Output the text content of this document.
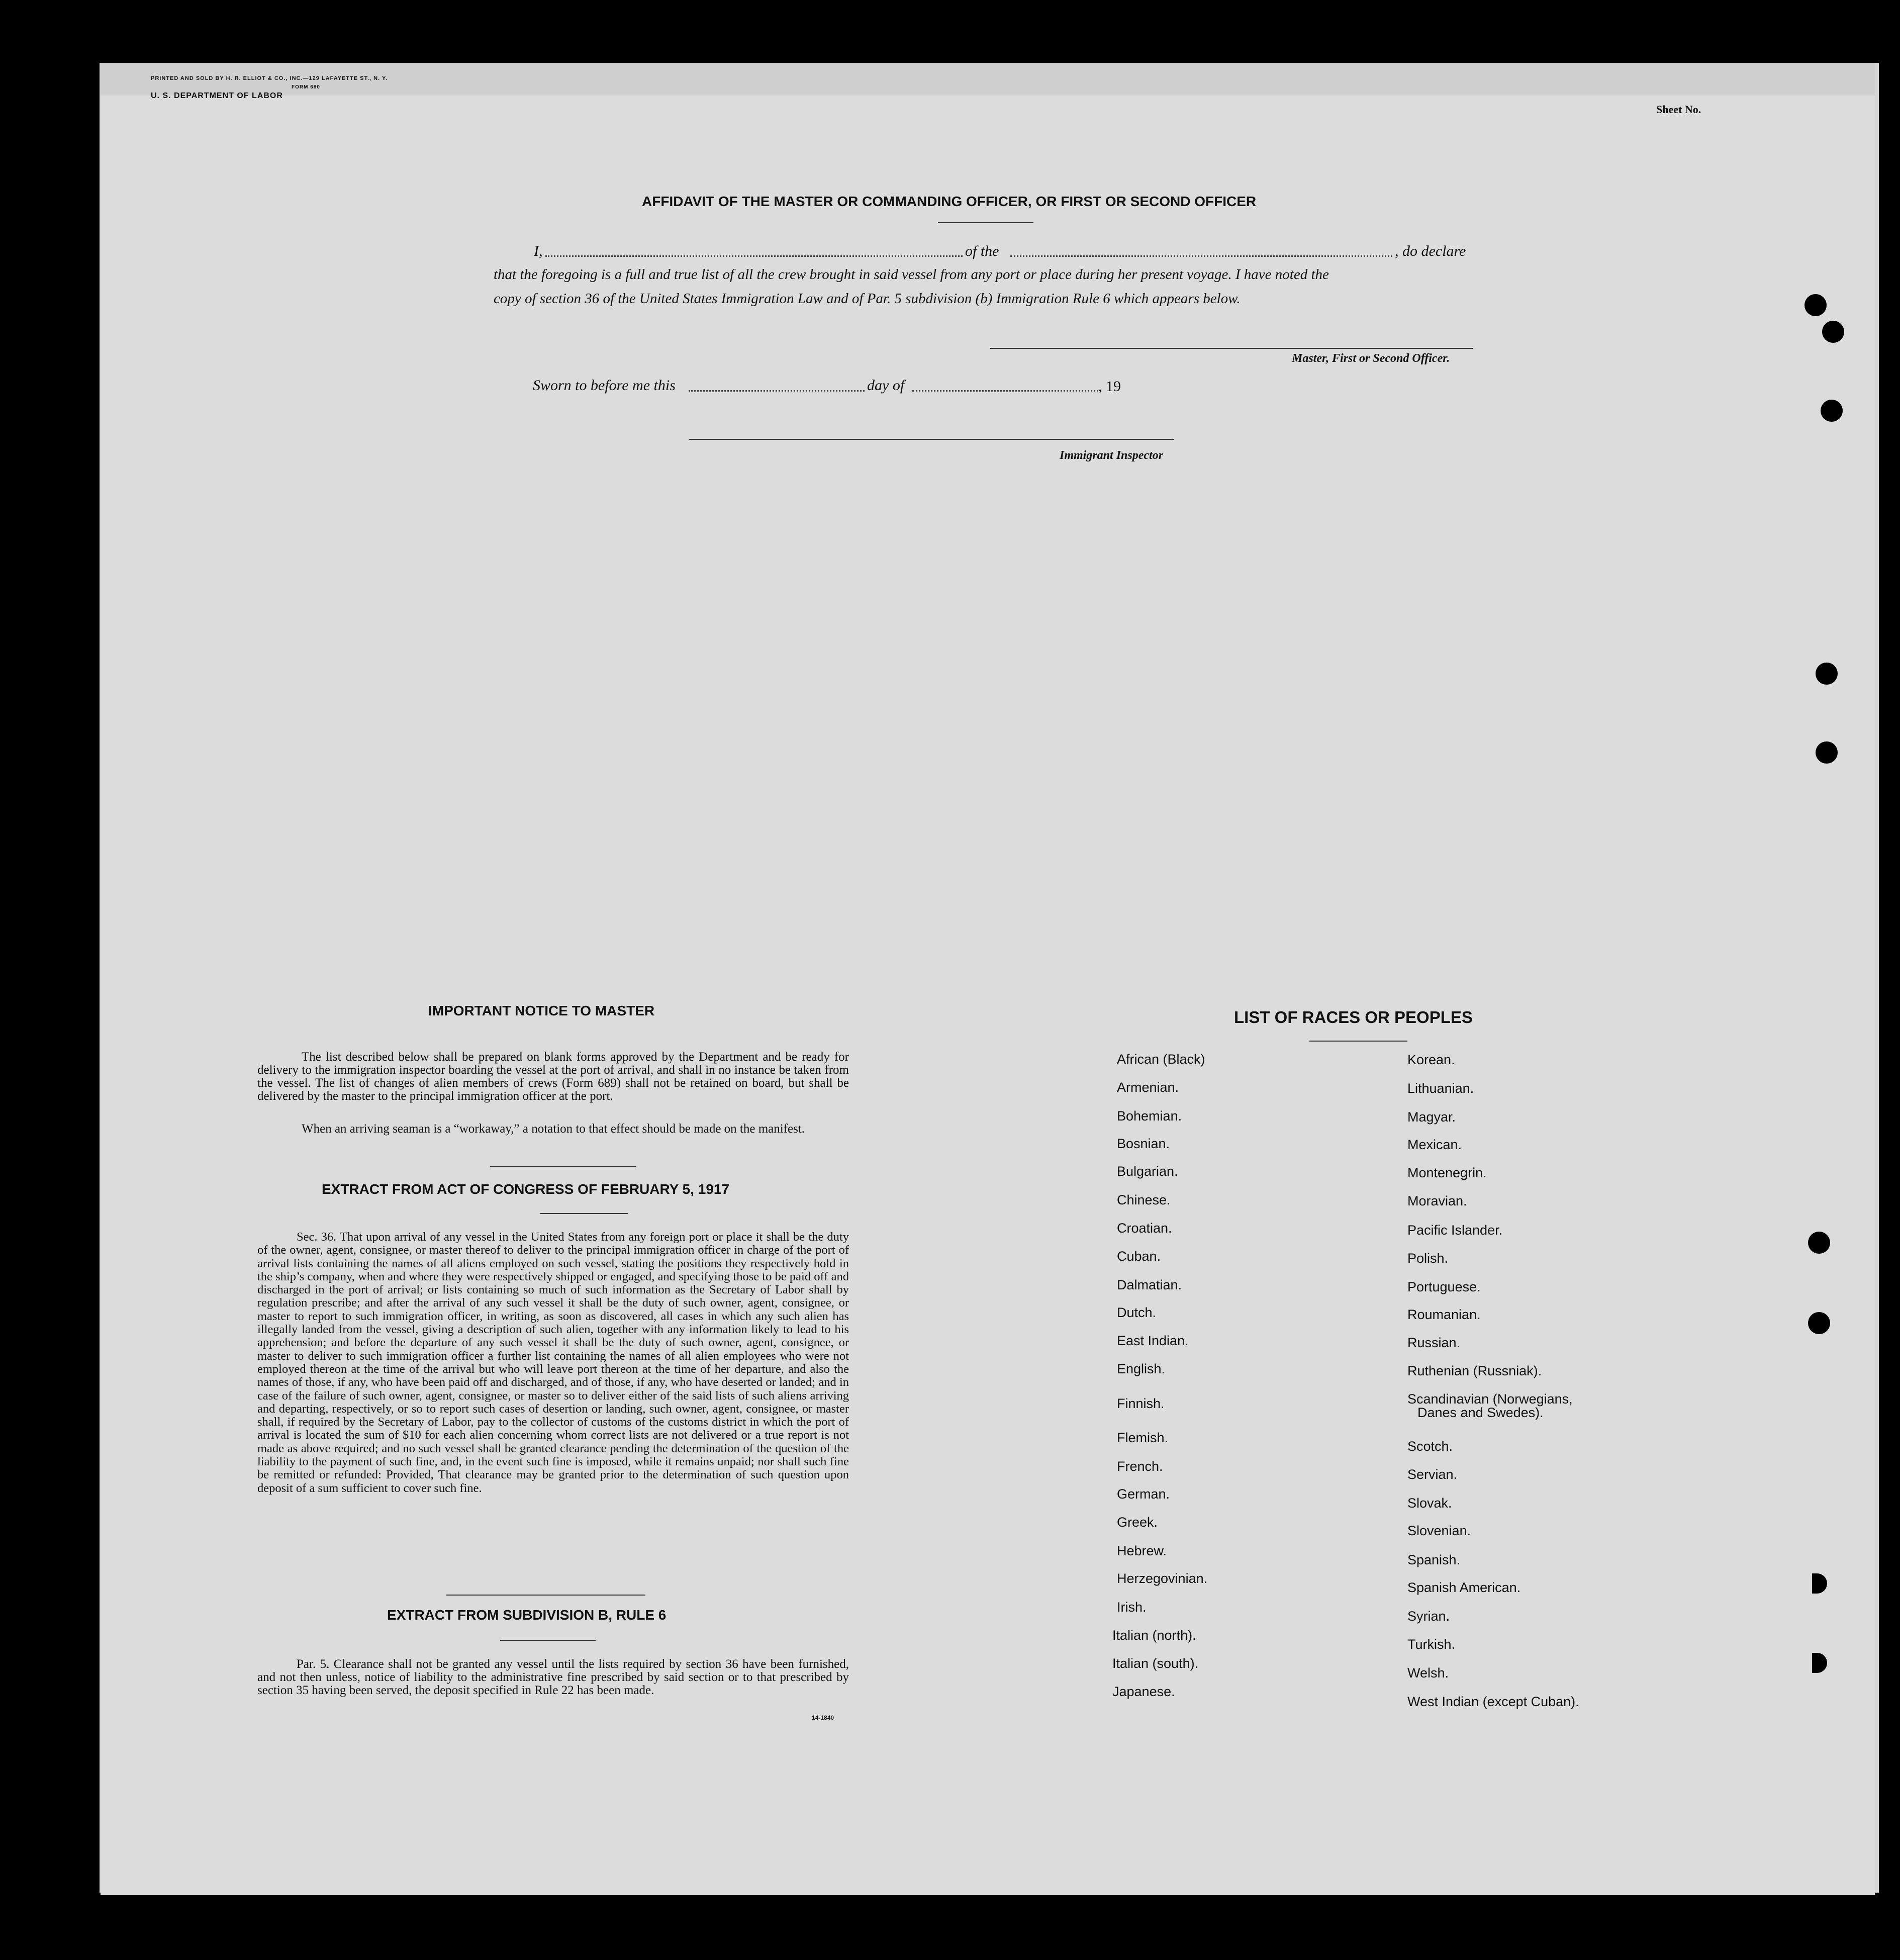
PRINTED AND SOLD BY H. R. ELLIOT & CO., INC.—129 LAFAYETTE ST., N. Y.
FORM 680
U. S. DEPARTMENT OF LABOR
Sheet No.
AFFIDAVIT OF THE MASTER OR COMMANDING OFFICER, OR FIRST OR SECOND OFFICER
I,	of the	, do declare
that the foregoing is a full and true list of all the crew brought in said vessel from any port or place during her present voyage. I have noted the
copy of section 36 of the United States Immigration Law and of Par. 5 subdivision (b) Immigration Rule 6 which appears below.
Master, First or Second Officer.
Sworn to before me this	day of	, 19
Immigrant Inspector
IMPORTANT NOTICE TO MASTER
The list described below shall be prepared on blank forms approved by the Department and be ready for delivery to the immigration inspector boarding the vessel at the port of arrival, and shall in no instance be taken from the vessel. The list of changes of alien members of crews (Form 689) shall not be retained on board, but shall be delivered by the master to the principal immigration officer at the port.
When an arriving seaman is a “workaway,” a notation to that effect should be made on the manifest.
EXTRACT FROM ACT OF CONGRESS OF FEBRUARY 5, 1917
Sec. 36. That upon arrival of any vessel in the United States from any foreign port or place it shall be the duty of the owner, agent, consignee, or master thereof to deliver to the principal immigration officer in charge of the port of arrival lists containing the names of all aliens employed on such vessel, stating the positions they respectively hold in the ship’s company, when and where they were respectively shipped or engaged, and specifying those to be paid off and discharged in the port of arrival; or lists containing so much of such information as the Secretary of Labor shall by regulation prescribe; and after the arrival of any such vessel it shall be the duty of such owner, agent, consignee, or master to report to such immigration officer, in writing, as soon as discovered, all cases in which any such alien has illegally landed from the vessel, giving a description of such alien, together with any information likely to lead to his apprehension; and before the departure of any such vessel it shall be the duty of such owner, agent, consignee, or master to deliver to such immigration officer a further list containing the names of all alien employees who were not employed thereon at the time of the arrival but who will leave port thereon at the time of her departure, and also the names of those, if any, who have been paid off and discharged, and of those, if any, who have deserted or landed; and in case of the failure of such owner, agent, consignee, or master so to deliver either of the said lists of such aliens arriving and departing, respectively, or so to report such cases of desertion or landing, such owner, agent, consignee, or master shall, if required by the Secretary of Labor, pay to the collector of customs of the customs district in which the port of arrival is located the sum of $10 for each alien concerning whom correct lists are not delivered or a true report is not made as above required; and no such vessel shall be granted clearance pending the determination of the question of the liability to the payment of such fine, and, in the event such fine is imposed, while it remains unpaid; nor shall such fine be remitted or refunded: Provided, That clearance may be granted prior to the determination of such question upon deposit of a sum sufficient to cover such fine.
EXTRACT FROM SUBDIVISION B, RULE 6
Par. 5. Clearance shall not be granted any vessel until the lists required by section 36 have been furnished, and not then unless, notice of liability to the administrative fine prescribed by said section or to that prescribed by section 35 having been served, the deposit specified in Rule 22 has been made.
14-1840
LIST OF RACES OR PEOPLES
African (Black)
Armenian.
Bohemian.
Bosnian.
Bulgarian.
Chinese.
Croatian.
Cuban.
Dalmatian.
Dutch.
East Indian.
English.
Finnish.
Flemish.
French.
German.
Greek.
Hebrew.
Herzegovinian.
Irish.
Italian (north).
Italian (south).
Japanese.
Korean.
Lithuanian.
Magyar.
Mexican.
Montenegrin.
Moravian.
Pacific Islander.
Polish.
Portuguese.
Roumanian.
Russian.
Ruthenian (Russniak).
Scandinavian (Norwegians,
Danes and Swedes).
Scotch.
Servian.
Slovak.
Slovenian.
Spanish.
Spanish American.
Syrian.
Turkish.
Welsh.
West Indian (except Cuban).
